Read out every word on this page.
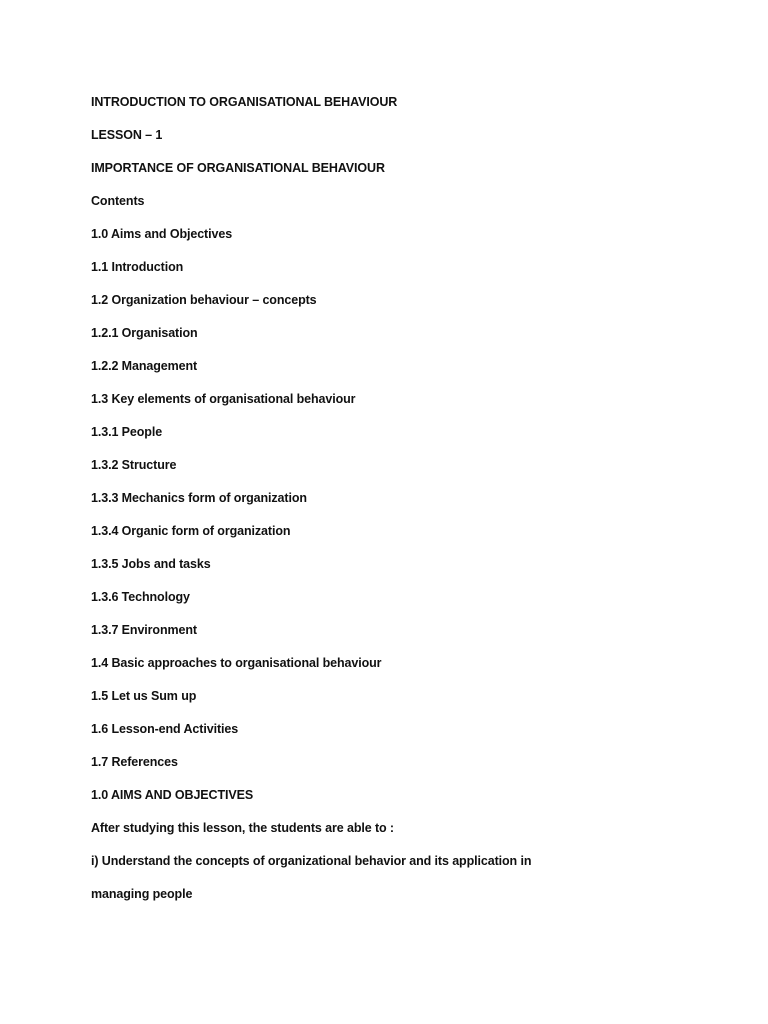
INTRODUCTION TO ORGANISATIONAL BEHAVIOUR
LESSON – 1
IMPORTANCE OF ORGANISATIONAL BEHAVIOUR
Contents
1.0 Aims and Objectives
1.1 Introduction
1.2 Organization behaviour – concepts
1.2.1 Organisation
1.2.2 Management
1.3 Key elements of organisational behaviour
1.3.1 People
1.3.2 Structure
1.3.3 Mechanics form of organization
1.3.4 Organic form of organization
1.3.5 Jobs and tasks
1.3.6 Technology
1.3.7 Environment
1.4 Basic approaches to organisational behaviour
1.5 Let us Sum up
1.6 Lesson-end Activities
1.7 References
1.0 AIMS AND OBJECTIVES
After studying this lesson, the students are able to :
i) Understand the concepts of organizational behavior and its application in
managing people
